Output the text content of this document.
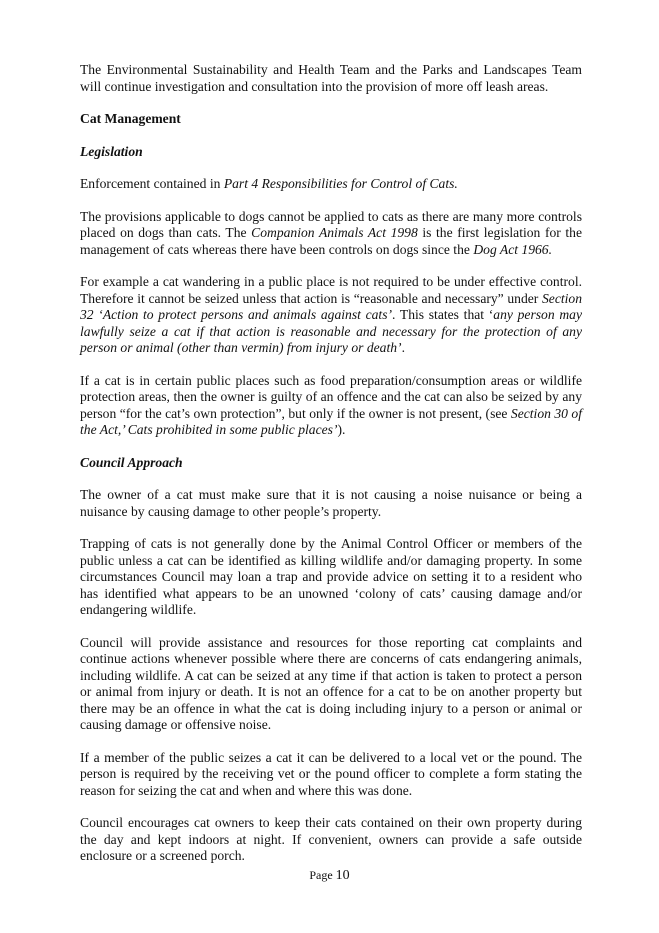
The Environmental Sustainability and Health Team and the Parks and Landscapes Team will continue investigation and consultation into the provision of more off leash areas.

Cat Management

Legislation

Enforcement contained in Part 4 Responsibilities for Control of Cats.

The provisions applicable to dogs cannot be applied to cats as there are many more controls placed on dogs than cats. The Companion Animals Act 1998 is the first legislation for the management of cats whereas there have been controls on dogs since the Dog Act 1966.

For example a cat wandering in a public place is not required to be under effective control. Therefore it cannot be seized unless that action is “reasonable and necessary” under Section 32 ‘Action to protect persons and animals against cats’. This states that ‘any person may lawfully seize a cat if that action is reasonable and necessary for the protection of any person or animal (other than vermin) from injury or death’.

If a cat is in certain public places such as food preparation/consumption areas or wildlife protection areas, then the owner is guilty of an offence and the cat can also be seized by any person “for the cat’s own protection”, but only if the owner is not present, (see Section 30 of the Act,’ Cats prohibited in some public places’).

Council Approach

The owner of a cat must make sure that it is not causing a noise nuisance or being a nuisance by causing damage to other people’s property.

Trapping of cats is not generally done by the Animal Control Officer or members of the public unless a cat can be identified as killing wildlife and/or damaging property. In some circumstances Council may loan a trap and provide advice on setting it to a resident who has identified what appears to be an unowned ‘colony of cats’ causing damage and/or endangering wildlife.

Council will provide assistance and resources for those reporting cat complaints and continue actions whenever possible where there are concerns of cats endangering animals, including wildlife. A cat can be seized at any time if that action is taken to protect a person or animal from injury or death. It is not an offence for a cat to be on another property but there may be an offence in what the cat is doing including injury to a person or animal or causing damage or offensive noise.

If a member of the public seizes a cat it can be delivered to a local vet or the pound. The person is required by the receiving vet or the pound officer to complete a form stating the reason for seizing the cat and when and where this was done.

Council encourages cat owners to keep their cats contained on their own property during the day and kept indoors at night. If convenient, owners can provide a safe outside enclosure or a screened porch.

Page 10
